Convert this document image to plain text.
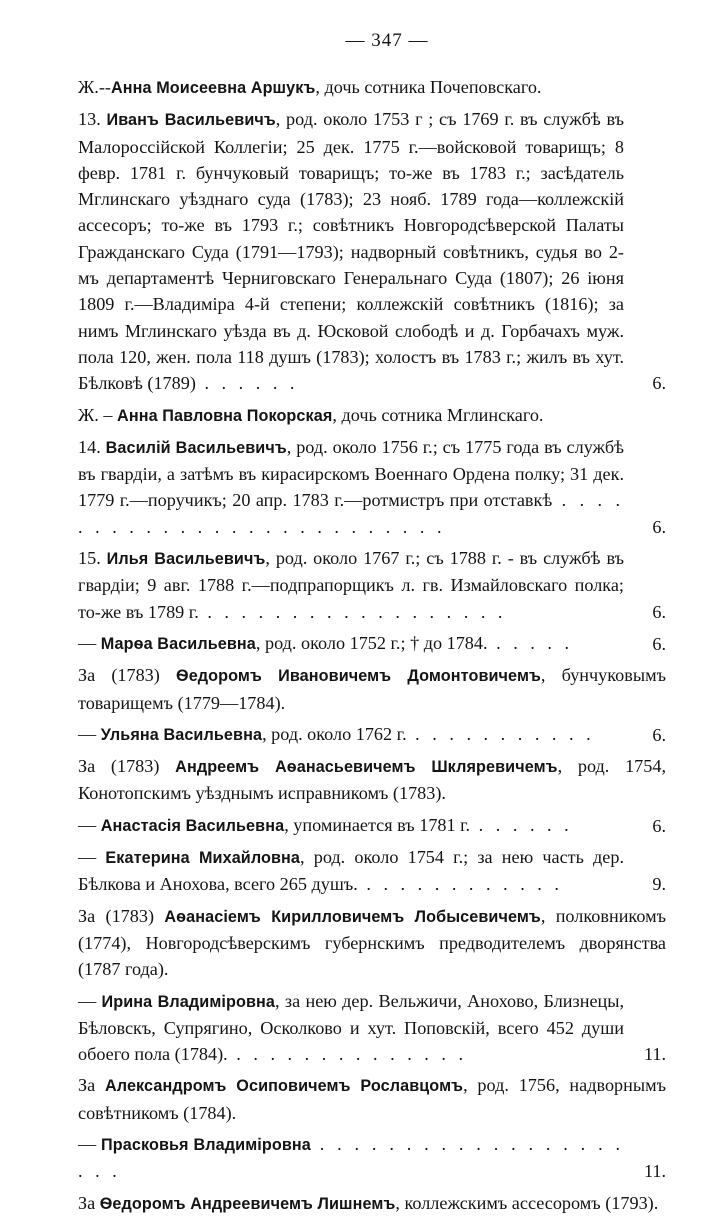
— 347 —
Ж.--Анна Моисеевна Аршукъ, дочь сотника Почеповскаго.
13. Иванъ Васильевичъ, род. около 1753 г ; съ 1769 г. въ службѣ въ Малороссійской Коллегіи; 25 дек. 1775 г.—войсковой товарищъ; 8 февр. 1781 г. бунчуковый товарищъ; то-же въ 1783 г.; засѣдатель Мглинскаго уѣзднаго суда (1783); 23 нояб. 1789 года—коллежскій ассесоръ; то-же въ 1793 г.; совѣтникъ Новгородсѣверской Палаты Гражданскаго Суда (1791—1793); надворный совѣтникъ, судья во 2-мъ департаментѣ Черниговскаго Генеральнаго Суда (1807); 26 іюня 1809 г.—Владиміра 4-й степени; коллежскій совѣтникъ (1816); за нимъ Мглинскаго уѣзда въ д. Юсковой слободѣ и д. Горбачахъ муж. пола 120, жен. пола 118 душъ (1783); холостъ въ 1783 г.; жилъ въ хут. Бѣлковѣ (1789) . . . . . .	6.
Ж. – Анна Павловна Покорская, дочь сотника Мглинскаго.
14. Василій Васильевичъ, род. около 1756 г.; съ 1775 года въ службѣ въ гвардіи, а затѣмъ въ кирасирскомъ Военнаго Ордена полку; 31 дек. 1779 г.—поручикъ; 20 апр. 1783 г.—ротмистръ при отставкѣ . . . . . . . . . . . . . . . . . . . . . . . . . .	6.
15. Илья Васильевичъ, род. около 1767 г.; съ 1788 г. - въ службѣ въ гвардіи; 9 авг. 1788 г.—подпрапорщикъ л. гв. Измайловскаго полка; то-же въ 1789 г. . . . . . . . . . . . . . . . . . .	6.
— Марѳа Васильевна, род. около 1752 г.; † до 1784. . . . . .	6.
За (1783) Ѳедоромъ Ивановичемъ Домонтовичемъ, бунчуковымъ товарищемъ (1779—1784).
— Ульяна Васильевна, род. около 1762 г. . . . . . . . . . . .	6.
За (1783) Андреемъ Аѳанасьевичемъ Шкляревичемъ, род. 1754, Конотопскимъ уѣзднымъ исправникомъ (1783).
— Анастасія Васильевна, упоминается въ 1781 г. . . . . . .	6.
— Екатерина Михайловна, род. около 1754 г.; за нею часть дер. Бѣлкова и Анохова, всего 265 душъ. . . . . . . . . . . . .	9.
За (1783) Аѳанасіемъ Кирилловичемъ Лобысевичемъ, полковникомъ (1774), Новгородсѣверскимъ губернскимъ предводителемъ дворянства (1787 года).
— Ирина Владиміровна, за нею дер. Вельжичи, Анохово, Близнецы, Бѣловскъ, Супрягино, Осколково и хут. Поповскій, всего 452 души обоего пола (1784). . . . . . . . . . . . . . .	11.
За Александромъ Осиповичемъ Рославцомъ, род. 1756, надворнымъ совѣтникомъ (1784).
— Прасковья Владиміровна . . . . . . . . . . . . . . . . . . . . .	11.
За Ѳедоромъ Андреевичемъ Лишнемъ, коллежскимъ ассесоромъ (1793).
